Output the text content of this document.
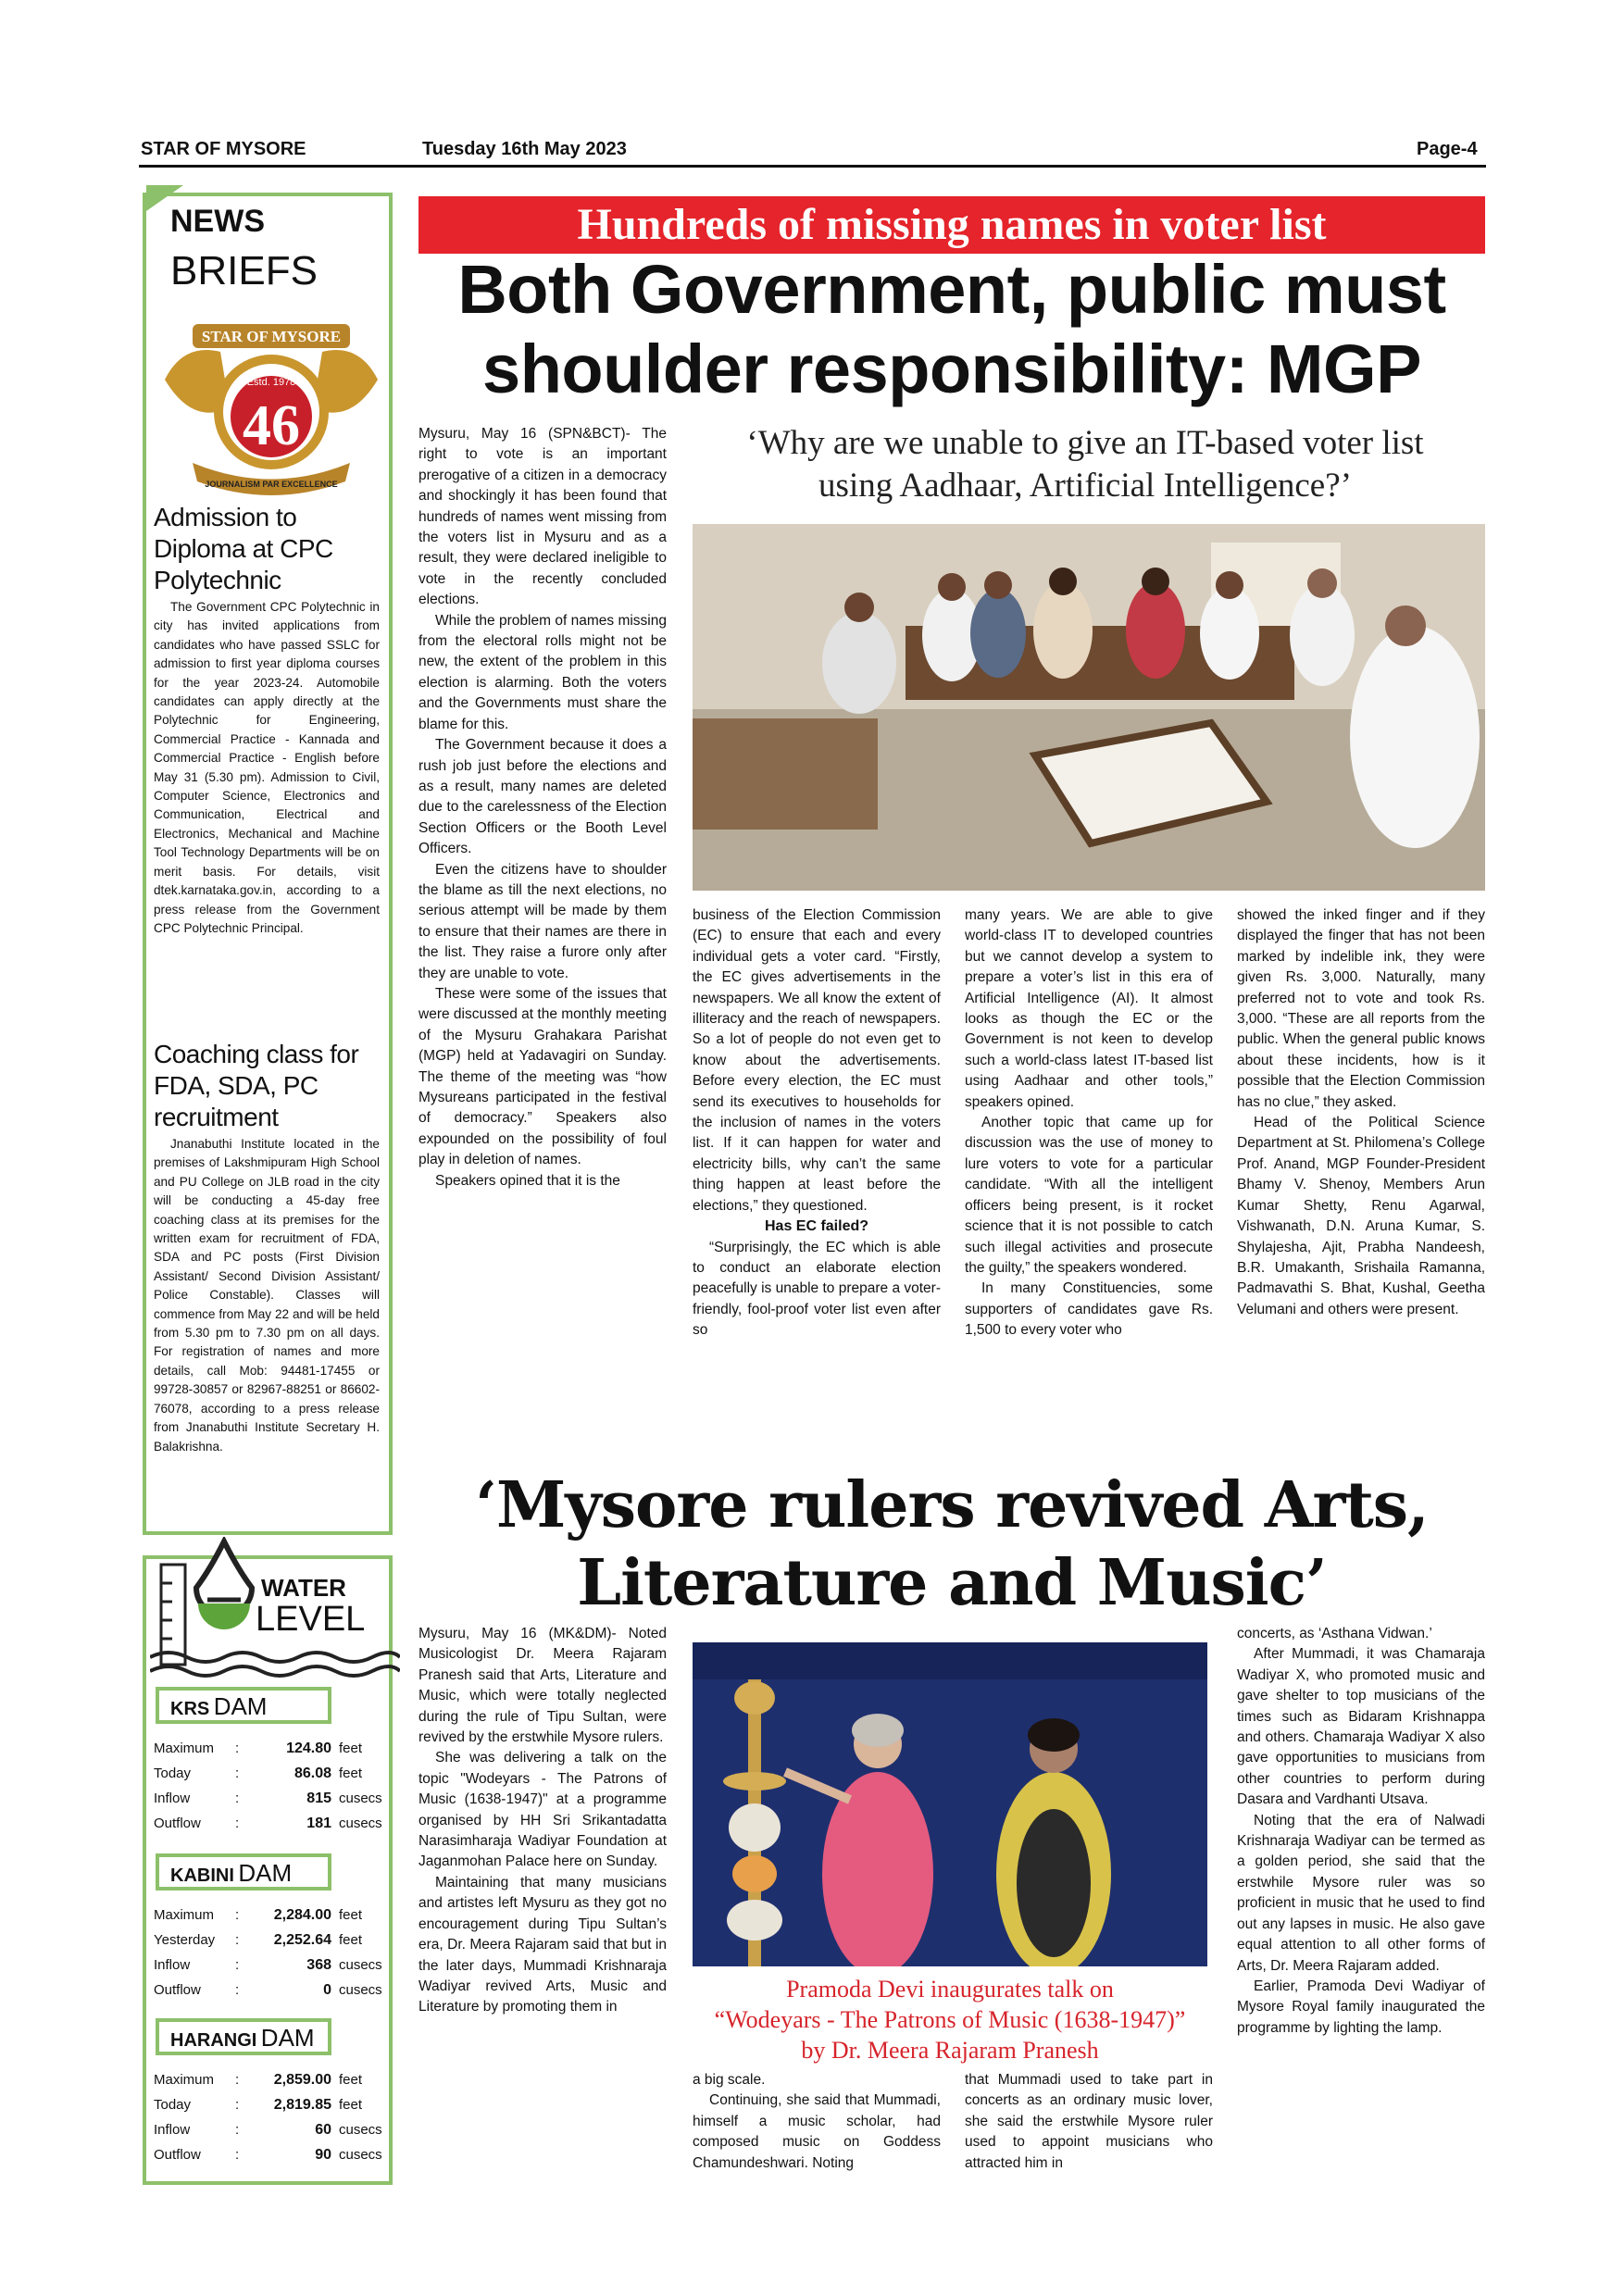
STAR OF MYSORE	Tuesday 16th May 2023	Page-4
NEWS
BRIEFS
STAR OF MYSORE
Estd. 1978
46
JOURNALISM PAR EXCELLENCE
Admission to Diploma at CPC Polytechnic

The Government CPC Polytechnic in city has invited applications from candidates who have passed SSLC for admission to first year diploma courses for the year 2023-24. Automobile candidates can apply directly at the Polytechnic for Engineering, Commercial Practice - Kannada and Commercial Practice - English before May 31 (5.30 pm). Admission to Civil, Computer Science, Electronics and Communication, Electrical and Electronics, Mechanical and Machine Tool Technology Departments will be on merit basis. For details, visit dtek.karnataka.gov.in, according to a press release from the Government CPC Polytechnic Principal.

Coaching class for FDA, SDA, PC recruitment

Jnanabuthi Institute located in the premises of Lakshmipuram High School and PU College on JLB road in the city will be conducting a 45-day free coaching class at its premises for the written exam for recruitment of FDA, SDA and PC posts (First Division Assistant/ Second Division Assistant/ Police Constable). Classes will commence from May 22 and will be held from 5.30 pm to 7.30 pm on all days. For registration of names and more details, call Mob: 94481-17455 or 99728-30857 or 82967-88251 or 86602-76078, according to a press release from Jnanabuthi Institute Secretary H. Balakrishna.

WATER
LEVEL
KRS DAM
Maximum :	124.80 feet
Today	:	86.08 feet
Inflow	:	815 cusecs
Outflow :	181 cusecs
KABINI DAM
Maximum :	2,284.00 feet
Yesterday :	2,252.64 feet
Inflow	:	368 cusecs
Outflow :	0 cusecs
HARANGI DAM
Maximum :	2,859.00 feet
Today	:	2,819.85 feet
Inflow	:	60 cusecs
Outflow :	90 cusecs
Hundreds of missing names in voter list
Both Government, public must
shoulder responsibility: MGP
‘Why are we unable to give an IT-based voter list
using Aadhaar, Artificial Intelligence?’

Mysuru, May 16 (SPN&BCT)- The right to vote is an important prerogative of a citizen in a democracy and shockingly it has been found that hundreds of names went missing from the voters list in Mysuru and as a result, they were declared ineligible to vote in the recently concluded elections.

While the problem of names missing from the electoral rolls might not be new, the extent of the problem in this election is alarming. Both the voters and the Governments must share the blame for this.

The Government because it does a rush job just before the elections and as a result, many names are deleted due to the carelessness of the Election Section Officers or the Booth Level Officers.

Even the citizens have to shoulder the blame as till the next elections, no serious attempt will be made by them to ensure that their names are there in the list. They raise a furore only after they are unable to vote.

These were some of the issues that were discussed at the monthly meeting of the Mysuru Grahakara Parishat (MGP) held at Yadavagiri on Sunday. The theme of the meeting was “how Mysureans participated in the festival of democracy.” Speakers also expounded on the possibility of foul play in deletion of names.

Speakers opined that it is the

business of the Election Commission (EC) to ensure that each and every individual gets a voter card. “Firstly, the EC gives advertisements in the newspapers. We all know the extent of illiteracy and the reach of newspapers. So a lot of people do not even get to know about the advertisements. Before every election, the EC must send its executives to households for the inclusion of names in the voters list. If it can happen for water and electricity bills, why can’t the same thing happen at least before the elections,” they questioned.

Has EC failed?

“Surprisingly, the EC which is able to conduct an elaborate election peacefully is unable to prepare a voter-friendly, fool-proof voter list even after so

many years. We are able to give world-class IT to developed countries but we cannot develop a system to prepare a voter’s list in this era of Artificial Intelligence (AI). It almost looks as though the EC or the Government is not keen to develop such a world-class latest IT-based list using Aadhaar and other tools,” speakers opined.

Another topic that came up for discussion was the use of money to lure voters to vote for a particular candidate. “With all the intelligent officers being present, is it rocket science that it is not possible to catch such illegal activities and prosecute the guilty,” the speakers wondered.

In many Constituencies, some supporters of candidates gave Rs. 1,500 to every voter who

showed the inked finger and if they displayed the finger that has not been marked by indelible ink, they were given Rs. 3,000. Naturally, many preferred not to vote and took Rs. 3,000. “These are all reports from the public. When the general public knows about these incidents, how is it possible that the Election Commission has no clue,” they asked.

Head of the Political Science Department at St. Philomena’s College Prof. Anand, MGP Founder-President Bhamy V. Shenoy, Members Arun Kumar Shetty, Renu Agarwal, Vishwanath, D.N. Aruna Kumar, S. Shylajesha, Ajit, Prabha Nandeesh, B.R. Umakanth, Srishaila Ramanna, Padmavathi S. Bhat, Kushal, Geetha Velumani and others were present.

‘Mysore rulers revived Arts,
Literature and Music’

Mysuru, May 16 (MK&DM)- Noted Musicologist Dr. Meera Rajaram Pranesh said that Arts, Literature and Music, which were totally neglected during the rule of Tipu Sultan, were revived by the erstwhile Mysore rulers.

She was delivering a talk on the topic "Wodeyars - The Patrons of Music (1638-1947)" at a programme organised by HH Sri Srikantadatta Narasimharaja Wadiyar Foundation at Jaganmohan Palace here on Sunday.

Maintaining that many musicians and artistes left Mysuru as they got no encouragement during Tipu Sultan’s era, Dr. Meera Rajaram said that but in the later days, Mummadi Krishnaraja Wadiyar revived Arts, Music and Literature by promoting them in

Pramoda Devi inaugurates talk on
“Wodeyars - The Patrons of Music (1638-1947)”
by Dr. Meera Rajaram Pranesh

a big scale.

Continuing, she said that Mummadi, himself a music scholar, had composed music on Goddess Chamundeshwari. Noting

that Mummadi used to take part in concerts as an ordinary music lover, she said the erstwhile Mysore ruler used to appoint musicians who attracted him in

concerts, as ‘Asthana Vidwan.’

After Mummadi, it was Chamaraja Wadiyar X, who promoted music and gave shelter to top musicians of the times such as Bidaram Krishnappa and others. Chamaraja Wadiyar X also gave opportunities to musicians from other countries to perform during Dasara and Vardhanti Utsava.

Noting that the era of Nalwadi Krishnaraja Wadiyar can be termed as a golden period, she said that the erstwhile Mysore ruler was so proficient in music that he used to find out any lapses in music. He also gave equal attention to all other forms of Arts, Dr. Meera Rajaram added.

Earlier, Pramoda Devi Wadiyar of Mysore Royal family inaugurated the programme by lighting the lamp.
